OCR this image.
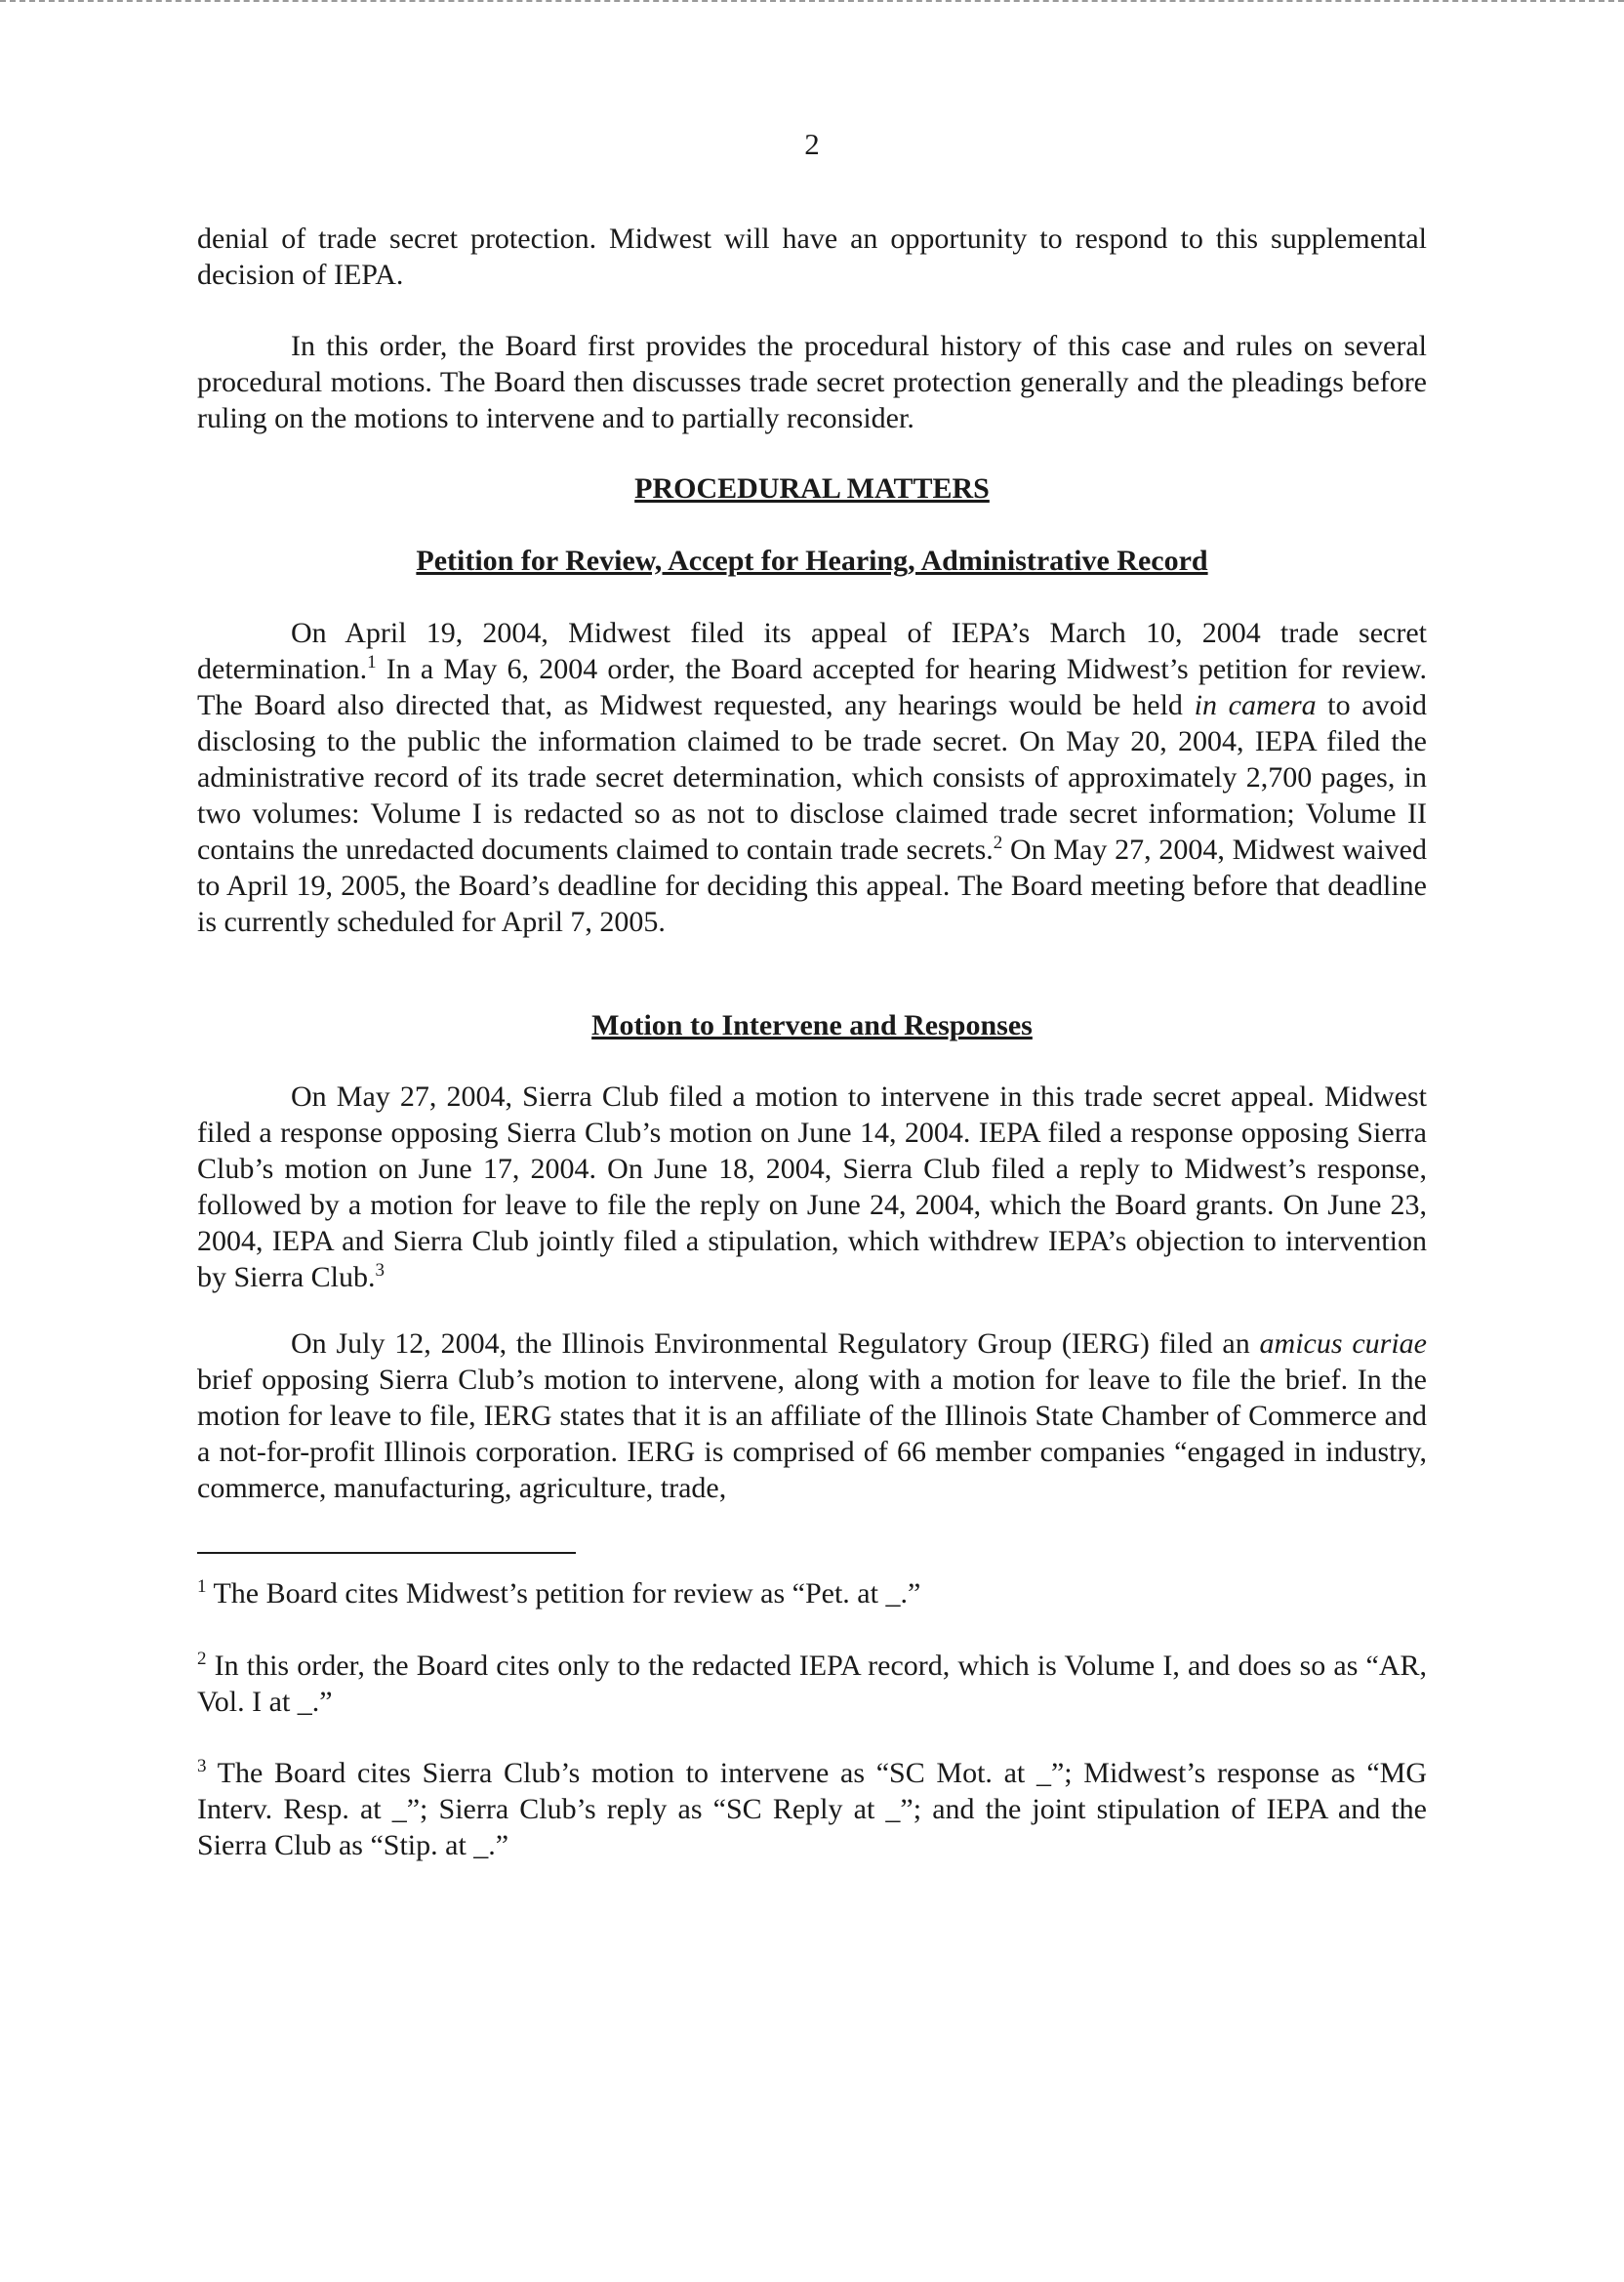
2

denial of trade secret protection. Midwest will have an opportunity to respond to this supplemental decision of IEPA.

In this order, the Board first provides the procedural history of this case and rules on several procedural motions. The Board then discusses trade secret protection generally and the pleadings before ruling on the motions to intervene and to partially reconsider.

PROCEDURAL MATTERS

Petition for Review, Accept for Hearing, Administrative Record

On April 19, 2004, Midwest filed its appeal of IEPA’s March 10, 2004 trade secret determination.$^1$ In a May 6, 2004 order, the Board accepted for hearing Midwest’s petition for review. The Board also directed that, as Midwest requested, any hearings would be held in camera to avoid disclosing to the public the information claimed to be trade secret. On May 20, 2004, IEPA filed the administrative record of its trade secret determination, which consists of approximately 2,700 pages, in two volumes: Volume I is redacted so as not to disclose claimed trade secret information; Volume II contains the unredacted documents claimed to contain trade secrets.$^2$ On May 27, 2004, Midwest waived to April 19, 2005, the Board’s deadline for deciding this appeal. The Board meeting before that deadline is currently scheduled for April 7, 2005.

Motion to Intervene and Responses

On May 27, 2004, Sierra Club filed a motion to intervene in this trade secret appeal. Midwest filed a response opposing Sierra Club’s motion on June 14, 2004. IEPA filed a response opposing Sierra Club’s motion on June 17, 2004. On June 18, 2004, Sierra Club filed a reply to Midwest’s response, followed by a motion for leave to file the reply on June 24, 2004, which the Board grants. On June 23, 2004, IEPA and Sierra Club jointly filed a stipulation, which withdrew IEPA’s objection to intervention by Sierra Club.$^3$

On July 12, 2004, the Illinois Environmental Regulatory Group (IERG) filed an amicus curiae brief opposing Sierra Club’s motion to intervene, along with a motion for leave to file the brief. In the motion for leave to file, IERG states that it is an affiliate of the Illinois State Chamber of Commerce and a not-for-profit Illinois corporation. IERG is comprised of 66 member companies “engaged in industry, commerce, manufacturing, agriculture, trade,

$^1$ The Board cites Midwest’s petition for review as “Pet. at _.”

$^2$ In this order, the Board cites only to the redacted IEPA record, which is Volume I, and does so as “AR, Vol. I at _.”

$^3$ The Board cites Sierra Club’s motion to intervene as “SC Mot. at _”; Midwest’s response as “MG Interv. Resp. at _”; Sierra Club’s reply as “SC Reply at _”; and the joint stipulation of IEPA and the Sierra Club as “Stip. at _.”
